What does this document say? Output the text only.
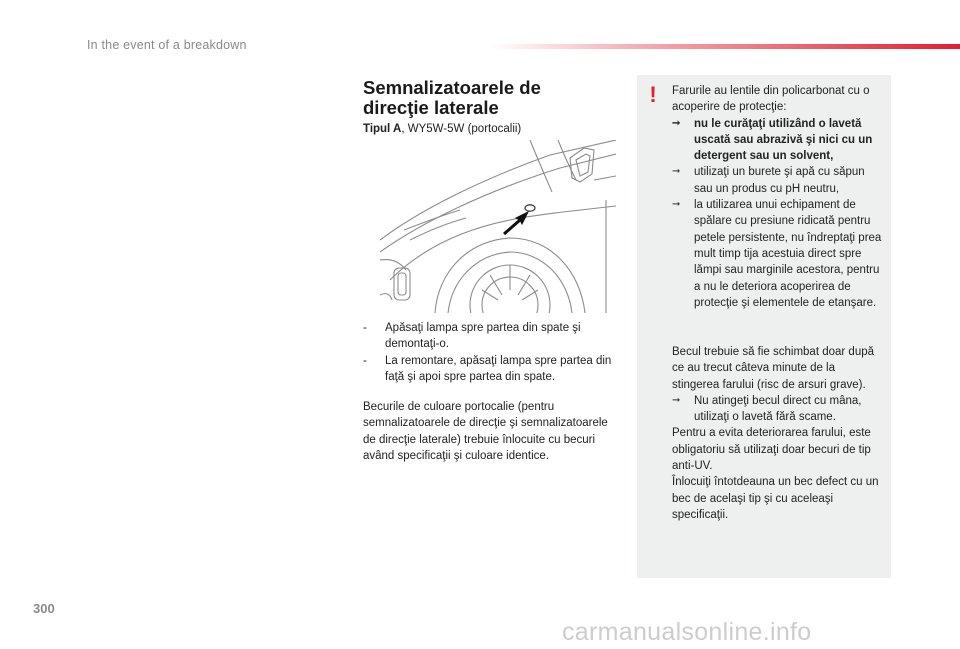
In the event of a breakdown
Semnalizatoarele de
direcţie laterale
Tipul A, WY5W-5W (portocalii)
- Apăsaţi lampa spre partea din spate şi demontaţi-o.
- La remontare, apăsaţi lampa spre partea din faţă şi apoi spre partea din spate.
Becurile de culoare portocalie (pentru semnalizatoarele de direcţie şi semnalizatoarele de direcţie laterale) trebuie înlocuite cu becuri având specificaţii şi culoare identice.
! Farurile au lentile din policarbonat cu o acoperire de protecţie:
➞ nu le curăţaţi utilizând o lavetă uscată sau abrazivă şi nici cu un detergent sau un solvent,
➞ utilizaţi un burete şi apă cu săpun sau un produs cu pH neutru,
➞ la utilizarea unui echipament de spălare cu presiune ridicată pentru petele persistente, nu îndreptaţi prea mult timp tija acestuia direct spre lămpi sau marginile acestora, pentru a nu le deteriora acoperirea de protecţie şi elementele de etanşare.
Becul trebuie să fie schimbat doar după ce au trecut câteva minute de la stingerea farului (risc de arsuri grave).
➞ Nu atingeţi becul direct cu mâna, utilizaţi o lavetă fără scame.
Pentru a evita deteriorarea farului, este obligatoriu să utilizaţi doar becuri de tip anti-UV.
Înlocuiţi întotdeauna un bec defect cu un bec de acelaşi tip şi cu aceleaşi specificaţii.
300
carmanualsonline.info
